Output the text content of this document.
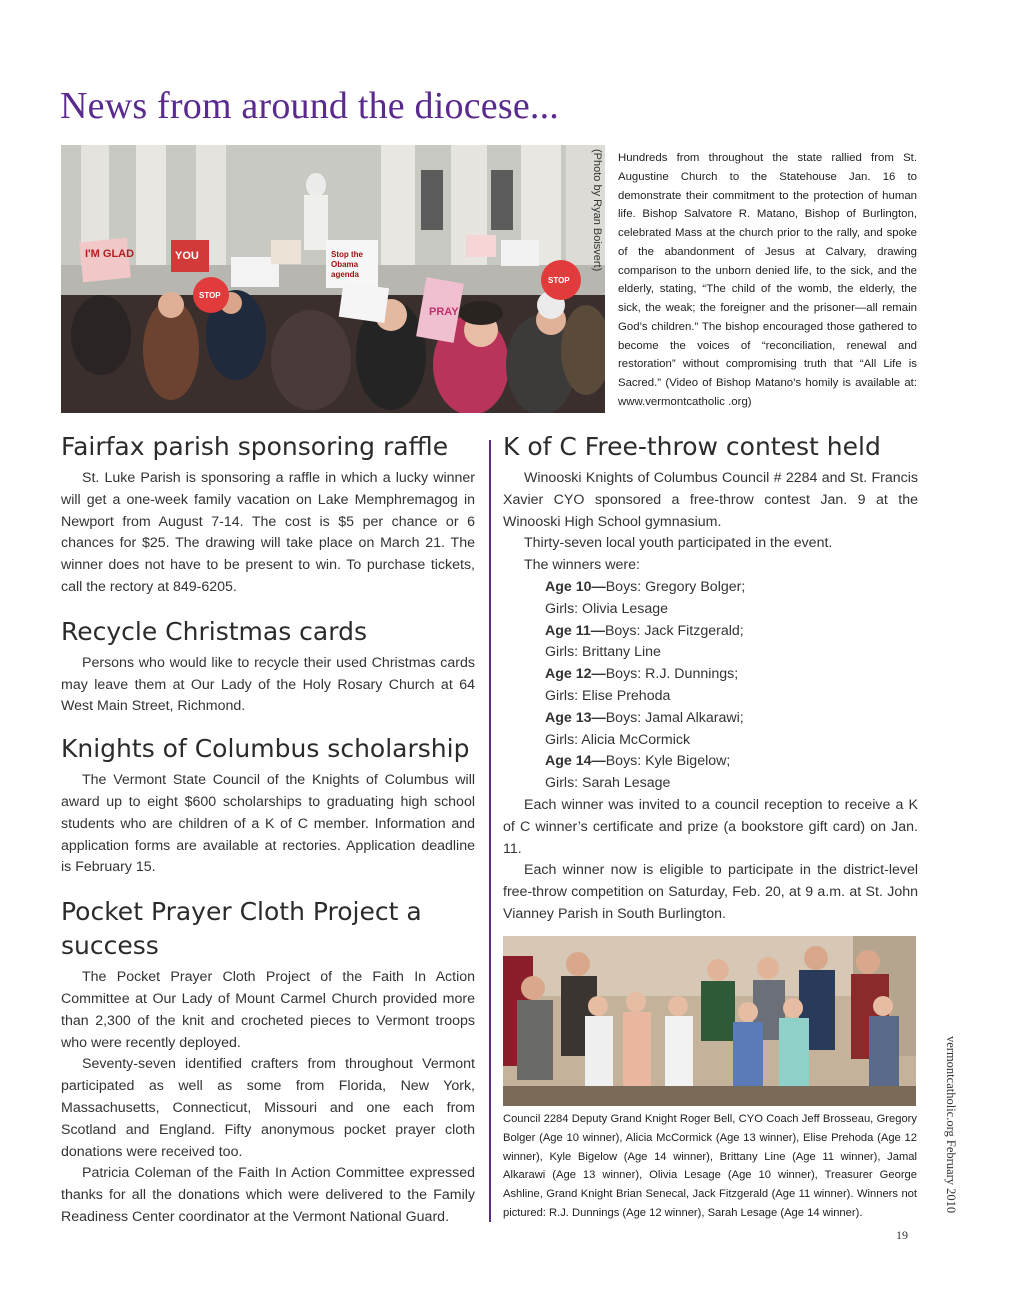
News from around the diocese...
I'M GLAD	YOU	Stop the
Obama
agenda
STOP
STOP
PRAY
(Photo by Ryan Boisvert) Hundreds from throughout the state rallied from St. Augustine Church to the Statehouse Jan. 16 to demonstrate their commitment to the protection of human life. Bishop Salvatore R. Matano, Bishop of Burlington, celebrated Mass at the church prior to the rally, and spoke of the abandonment of Jesus at Calvary, drawing comparison to the unborn denied life, to the sick, and the elderly, stating, “The child of the womb, the elderly, the sick, the weak; the foreigner and the prisoner—all remain God’s children.” The bishop encouraged those gathered to become the voices of “reconciliation, renewal and restoration” without compromising truth that “All Life is Sacred.” (Video of Bishop Matano’s homily is available at: www.vermontcatholic .org)

Fairfax parish sponsoring raffle

St. Luke Parish is sponsoring a raffle in which a lucky winner will get a one-week family vacation on Lake Memphremagog in Newport from August 7-14. The cost is $5 per chance or 6 chances for $25. The drawing will take place on March 21. The winner does not have to be present to win. To purchase tickets, call the rectory at 849-6205.

Recycle Christmas cards

Persons who would like to recycle their used Christmas cards may leave them at Our Lady of the Holy Rosary Church at 64 West Main Street, Richmond.

Knights of Columbus scholarship

The Vermont State Council of the Knights of Columbus will award up to eight $600 scholarships to graduating high school students who are children of a K of C member. Information and application forms are available at rectories. Application deadline is February 15.

Pocket Prayer Cloth Project a success

The Pocket Prayer Cloth Project of the Faith In Action Committee at Our Lady of Mount Carmel Church provided more than 2,300 of the knit and crocheted pieces to Vermont troops who were recently deployed.

Seventy-seven identified crafters from throughout Vermont participated as well as some from Florida, New York, Massachusetts, Connecticut, Missouri and one each from Scotland and England. Fifty anonymous pocket prayer cloth donations were received too.

Patricia Coleman of the Faith In Action Committee expressed thanks for all the donations which were delivered to the Family Readiness Center coordinator at the Vermont National Guard.

K of C Free-throw contest held

Winooski Knights of Columbus Council # 2284 and St. Francis Xavier CYO sponsored a free-throw contest Jan. 9 at the Winooski High School gymnasium.

Thirty-seven local youth participated in the event.

The winners were:

Age 10—Boys: Gregory Bolger;

Girls: Olivia Lesage

Age 11—Boys: Jack Fitzgerald;

Girls: Brittany Line

Age 12—Boys: R.J. Dunnings;

Girls: Elise Prehoda

Age 13—Boys: Jamal Alkarawi;

Girls: Alicia McCormick

Age 14—Boys: Kyle Bigelow;

Girls: Sarah Lesage

Each winner was invited to a council reception to receive a K of C winner’s certificate and prize (a bookstore gift card) on Jan. 11.

Each winner now is eligible to participate in the district-level free-throw competition on Saturday, Feb. 20, at 9 a.m. at St. John Vianney Parish in South Burlington.

Council 2284 Deputy Grand Knight Roger Bell, CYO Coach Jeff Brosseau, Gregory Bolger (Age 10 winner), Alicia McCormick (Age 13 winner), Elise Prehoda (Age 12 winner), Kyle Bigelow (Age 14 winner), Brittany Line (Age 11 winner), Jamal Alkarawi (Age 13 winner), Olivia Lesage (Age 10 winner), Treasurer George Ashline, Grand Knight Brian Senecal, Jack Fitzgerald (Age 11 winner). Winners not pictured: R.J. Dunnings (Age 12 winner), Sarah Lesage (Age 14 winner).	vermontcatholic.org February 2010
19
